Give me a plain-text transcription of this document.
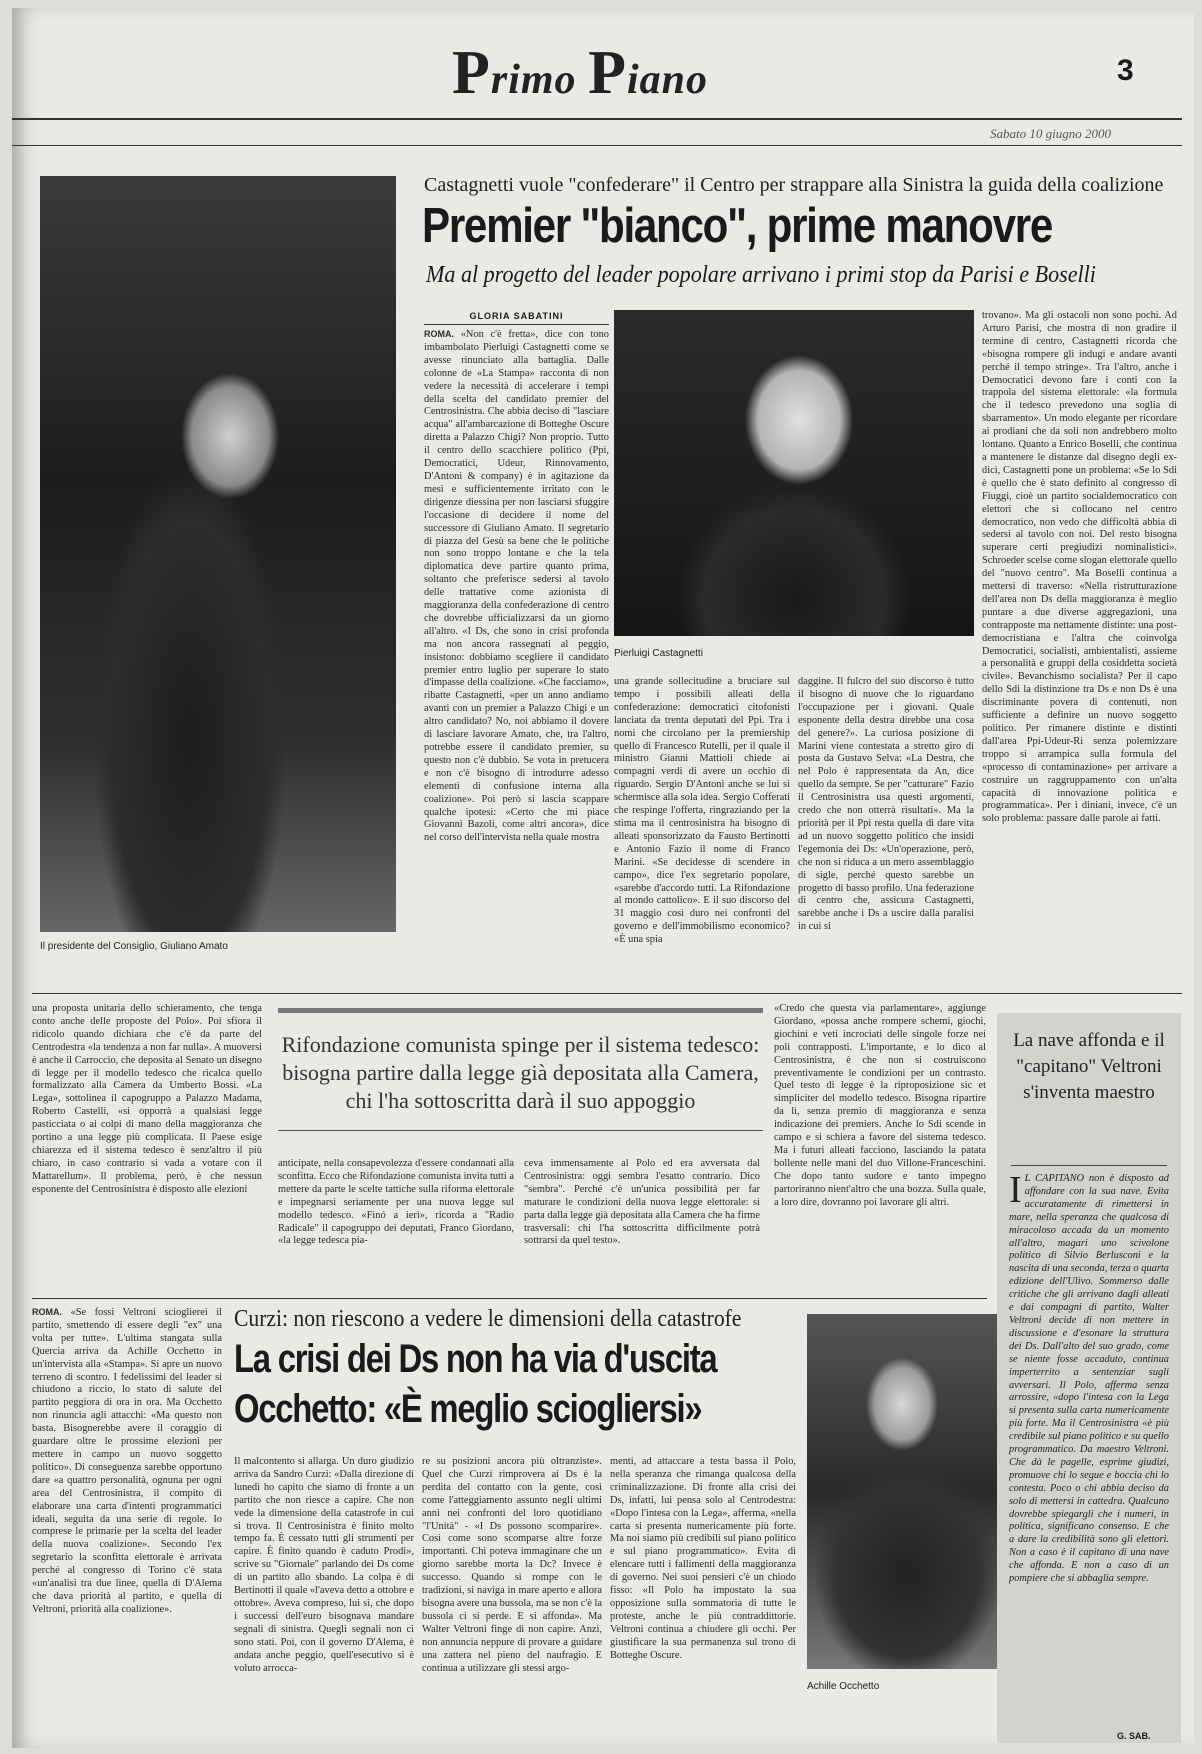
Primo Piano	3
Sabato 10 giugno 2000
Il presidente del Consiglio, Giuliano Amato
Castagnetti vuole "confederare" il Centro per strappare alla Sinistra la guida della coalizione
Premier "bianco", prime manovre
Ma al progetto del leader popolare arrivano i primi stop da Parisi e Boselli
GLORIA SABATINI
ROMA. «Non c'è fretta», dice con tono imbambolato Pierluigi Castagnetti come se avesse rinunciato alla battaglia. Dalle colonne de «La Stampa» racconta di non vedere la necessità di accelerare i tempi della scelta del candidato premier del Centrosinistra. Che abbia deciso di "lasciare acqua" all'ambarcazione di Botteghe Oscure diretta a Palazzo Chigi? Non proprio. Tutto il centro dello scacchiere politico (Ppi, Democratici, Udeur, Rinnovamento, D'Antoni & company) è in agitazione da mesi e sufficientemente irritato con le dirigenze diessina per non lasciarsi sfuggire l'occasione di decidere il nome del successore di Giuliano Amato. Il segretario di piazza del Gesù sa bene che le politiche non sono troppo lontane e che la tela diplomatica deve partire quanto prima, soltanto che preferisce sedersi al tavolo delle trattative come azionista di maggioranza della confederazione di centro che dovrebbe ufficializzarsi da un giorno all'altro. «I Ds, che sono in crisi profonda ma non ancora rassegnati al peggio, insistono: dobbiamo scegliere il candidato premier entro luglio per superare lo stato d'impasse della coalizione. «Che facciamo», ribatte Castagnetti, «per un anno andiamo avanti con un premier a Palazzo Chigi e un altro candidato? No, noi abbiamo il dovere di lasciare lavorare Amato, che, tra l'altro, potrebbe essere il candidato premier, su questo non c'è dubbio. Se vota in pretucera e non c'è bisogno di introdurre adesso elementi di confusione interna alla coalizione». Poi però si lascia scappare qualche ipotesi: «Certo che mi piace Giovanni Bazoli, come altri ancora», dice nel corso dell'intervista nella quale mostra
Pierluigi Castagnetti
una grande sollecitudine a bruciare sul tempo i possibili alleati della confederazione: democratici citofonisti lanciata da trenta deputati del Ppi. Tra i nomi che circolano per la premiership quello di Francesco Rutelli, per il quale il ministro Gianni Mattioli chiede ai compagni verdi di avere un occhio di riguardo. Sergio D'Antoni anche se lui si schermisce alla sola idea. Sergio Cofferati che respinge l'offerta, ringraziando per la stima ma il centrosinistra ha bisogno di alleati sponsorizzato da Fausto Bertinotti e Antonio Fazio il nome di Franco Marini. «Se decidesse di scendere in campo», dice l'ex segretario popolare, «sarebbe d'accordo tutti. La Rifondazione al mondo cattolico». E il suo discorso del 31 maggio così duro nei confronti del governo e dell'immobilismo economico? «È una spia
daggine. Il fulcro del suo discorso è tutto il bisogno di nuove che lo riguardano l'occupazione per i giovani. Quale esponente della destra direbbe una cosa del genere?». La curiosa posizione di Marini viene contestata a stretto giro di posta da Gustavo Selva: «La Destra, che nel Polo è rappresentata da An, dice quello da sempre. Se per "catturare" Fazio il Centrosinistra usa questi argomenti, credo che non otterrà risultati». Ma la priorità per il Ppi resta quella di dare vita ad un nuovo soggetto politico che insidi l'egemonia dei Ds: «Un'operazione, però, che non si riduca a un mero assemblaggio di sigle, perché questo sarebbe un progetto di basso profilo. Una federazione di centro che, assicura Castagnetti, sarebbe anche i Ds a uscire dalla paralisi in cui si
trovano». Ma gli ostacoli non sono pochi. Ad Arturo Parisi, che mostra di non gradire il termine di centro, Castagnetti ricorda che «bisogna rompere gli indugi e andare avanti perché il tempo stringe». Tra l'altro, anche i Democratici devono fare i conti con la trappola del sistema elettorale: «la formula che il tedesco prevedono una soglia di sbarramento». Un modo elegante per ricordare ai prodiani che da soli non andrebbero molto lontano. Quanto a Enrico Boselli, che continua a mantenere le distanze dal disegno degli ex-dicì, Castagnetti pone un problema: «Se lo Sdi è quello che è stato definito al congresso di Fiuggi, cioè un partito socialdemocratico con elettori che si collocano nel centro democratico, non vedo che difficoltà abbia di sedersi al tavolo con noi. Del resto bisogna superare certi pregiudizi nominalistici». Schroeder scelse come slogan elettorale quello del "nuovo centro". Ma Boselli continua a mettersi di traverso: «Nella ristrutturazione dell'area non Ds della maggioranza è meglio puntare a due diverse aggregazioni, una contrapposte ma nettamente distinte: una post-democristiana e l'altra che coinvolga Democratici, socialisti, ambientalisti, assieme a personalità e gruppi della cosiddetta società civile». Bevanchismo socialista? Per il capo dello Sdi la distinzione tra Ds e non Ds è una discriminante povera di contenuti, non sufficiente a definire un nuovo soggetto politico. Per rimanere distinte e distinti dall'area Ppi-Udeur-Ri senza polemizzare troppo si arrampica sulla formula del «processo di contaminazione» per arrivare a costruire un raggruppamento con un'alta capacità di innovazione politica e programmatica». Per i diniani, invece, c'è un solo problema: passare dalle parole ai fatti.
una proposta unitaria dello schieramento, che tenga conto anche delle proposte del Polo». Poi sfiora il ridicolo quando dichiara che c'è da parte del Centrodestra «la tendenza a non far nulla». A muoversi è anche il Carroccio, che deposita al Senato un disegno di legge per il modello tedesco che ricalca quello formalizzato alla Camera da Umberto Bossi. «La Lega», sottolinea il capogruppo a Palazzo Madama, Roberto Castelli, «si opporrà a qualsiasi legge pasticciata o ai colpi di mano della maggioranza che portino a una legge più complicata. Il Paese esige chiarezza ed il sistema tedesco è senz'altro il più chiaro, in caso contrario si vada a votare con il Mattarellum». Il problema, però, è che nessun esponente del Centrosinistra è disposto alle elezioni
Rifondazione comunista spinge per il sistema tedesco: bisogna partire dalla legge già depositata alla Camera, chi l'ha sottoscritta darà il suo appoggio
anticipate, nella consapevolezza d'essere condannati alla sconfitta. Ecco che Rifondazione comunista invita tutti a mettere da parte le scelte tattiche sulla riforma elettorale e impegnarsi seriamente per una nuova legge sul modello tedesco. «Finó a ieri», ricorda a "Radio Radicale" il capogruppo dei deputati, Franco Giordano, «la legge tedesca pia-
ceva immensamente al Polo ed era avversata dal Centrosinistra: oggi sembra l'esatto contrario. Dico "sembra". Perché c'è un'unica possibilità per far maturare le condizioni della nuova legge elettorale: si parta dalla legge già depositata alla Camera che ha firme trasversali: chi l'ha sottoscritta difficilmente potrà sottrarsi da quel testo».
«Credo che questa via parlamentare», aggiunge Giordano, «possa anche rompere schemi, giochi, giochini e veti incrociati delle singole forze nei poli contrapposti. L'importante, e lo dico al Centrosinistra, è che non si costruiscono preventivamente le condizioni per un contrasto. Quel testo di legge è la riproposizione sic et simpliciter del modello tedesco. Bisogna ripartire da lì, senza premio di maggioranza e senza indicazione dei premiers. Anche lo Sdi scende in campo e si schiera a favore del sistema tedesco. Ma i futuri alleati facciono, lasciando la patata bollente nelle mani del duo Villone-Franceschini. Che dopo tanto sudore e tanto impegno partoriranno nient'altro che una bozza. Sulla quale, a loro dire, dovranno poi lavorare gli altri.
ROMA. «Se fossi Veltroni scioglierei il partito, smettendo di essere degli "ex" una volta per tutte». L'ultima stangata sulla Quercia arriva da Achille Occhetto in un'intervista alla «Stampa». Si apre un nuovo terreno di scontro. I fedelissimi del leader si chiudono a riccio, lo stato di salute del partito peggiora di ora in ora. Ma Occhetto non rinuncia agli attacchi: «Ma questo non basta. Bisognerebbe avere il coraggio di guardare oltre le prossime elezioni per mettere in campo un nuovo soggetto politico». Di conseguenza sarebbe opportuno dare «a quattro personalità, ognuna per ogni area del Centrosinistra, il compito di elaborare una carta d'intenti programmatici ideali, seguita da una serie di regole. Io comprese le primarie per la scelta del leader della nuova coalizione». Secondo l'ex segretario la sconfitta elettorale è arrivata perché al congresso di Torino c'è stata «un'analisi tra due linee, quella di D'Alema che dava priorità al partito, e quella di Veltroni, priorità alla coalizione».
Curzi: non riescono a vedere le dimensioni della catastrofe
La crisi dei Ds non ha via d'uscita
Occhetto: «È meglio sciogliersi»
Il malcontento si allarga. Un duro giudizio arriva da Sandro Curzi: «Dalla direzione di lunedì ho capito che siamo di fronte a un partito che non riesce a capire. Che non vede la dimensione della catastrofe in cui si trova. Il Centrosinistra è finito molto tempo fa. È cessato tutti gli strumenti per capire. È finito quando è caduto Prodi», scrive su "Giornale" parlando dei Ds come di un partito allo sbando. La colpa è di Bertinotti il quale «l'aveva detto a ottobre e ottobre». Aveva compreso, lui sì, che dopo i successi dell'euro bisognava mandare segnali di sinistra. Quegli segnali non ci sono stati. Poi, con il governo D'Alema, è andata anche peggio, quell'esecutivo si è voluto arrocca-
re su posizioni ancora più oltranziste». Quel che Curzi rimprovera ai Ds è la perdita del contatto con la gente, così come l'atteggiamento assunto negli ultimi anni nei confronti del loro quotidiano "l'Unità" - «I Ds possono scomparire». Così come sono scomparse altre forze importanti. Chi poteva immaginare che un giorno sarebbe morta la Dc? Invece è successo. Quando si rompe con le tradizioni, si naviga in mare aperto e allora bisogna avere una bussola, ma se non c'è la bussola ci si perde. E si affonda». Ma Walter Veltroni finge di non capire. Anzi, non annuncia neppure di provare a guidare una zattera nel pieno del naufragio. E continua a utilizzare gli stessi argo-
menti, ad attaccare a testa bassa il Polo, nella speranza che rimanga qualcosa della criminalizzazione. Di fronte alla crisi dei Ds, infatti, lui pensa solo al Centrodestra: «Dopo l'intesa con la Lega», afferma, «nella carta si presenta numericamente più forte. Ma noi siamo più credibili sul piano politico e sul piano programmatico». Evita di elencare tutti i fallimenti della maggioranza di governo. Nei suoi pensieri c'è un chiodo fisso: «Il Polo ha impostato la sua opposizione sulla sommatoria di tutte le proteste, anche le più contraddittorie. Veltroni continua a chiudere gli occhi. Per giustificare la sua permanenza sul trono di Botteghe Oscure.
Achille Occhetto
La nave affonda e il "capitano" Veltroni s'inventa maestro
I L CAPITANO non è disposto ad affondare con la sua nave. Evita accuratamente di rimettersi in mare, nella speranza che qualcosa di miracoloso accada da un momento all'altro, magari uno scivolone politico di Silvio Berlusconi e la nascita di una seconda, terza o quarta edizione dell'Ulivo. Sommerso dalle critiche che gli arrivano dagli alleati e dai compagni di partito, Walter Veltroni decide di non mettere in discussione e d'esonare la struttura dei Ds. Dall'alto del suo grado, come se niente fosse accaduto, continua imperterrito a sentenziar sugli avversari. Il Polo, afferma senza arrossire, «dopo l'intesa con la Lega si presenta sulla carta numericamente più forte. Ma il Centrosinistra «è più credibile sul piano politico e su quello programmatico. Da maestro Veltroni. Che dà le pagelle, esprime giudizi, promuove chi lo segue e boccia chi lo contesta. Poco o chi abbia deciso da solo di mettersi in cattedra. Qualcuno dovrebbe spiegargli che i numeri, in politica, significano consenso. E che a dare la credibilità sono gli elettori. Non a caso è il capitano di una nave che affonda. E non a caso di un pompiere che si abbaglia sempre.
G. SAB.
